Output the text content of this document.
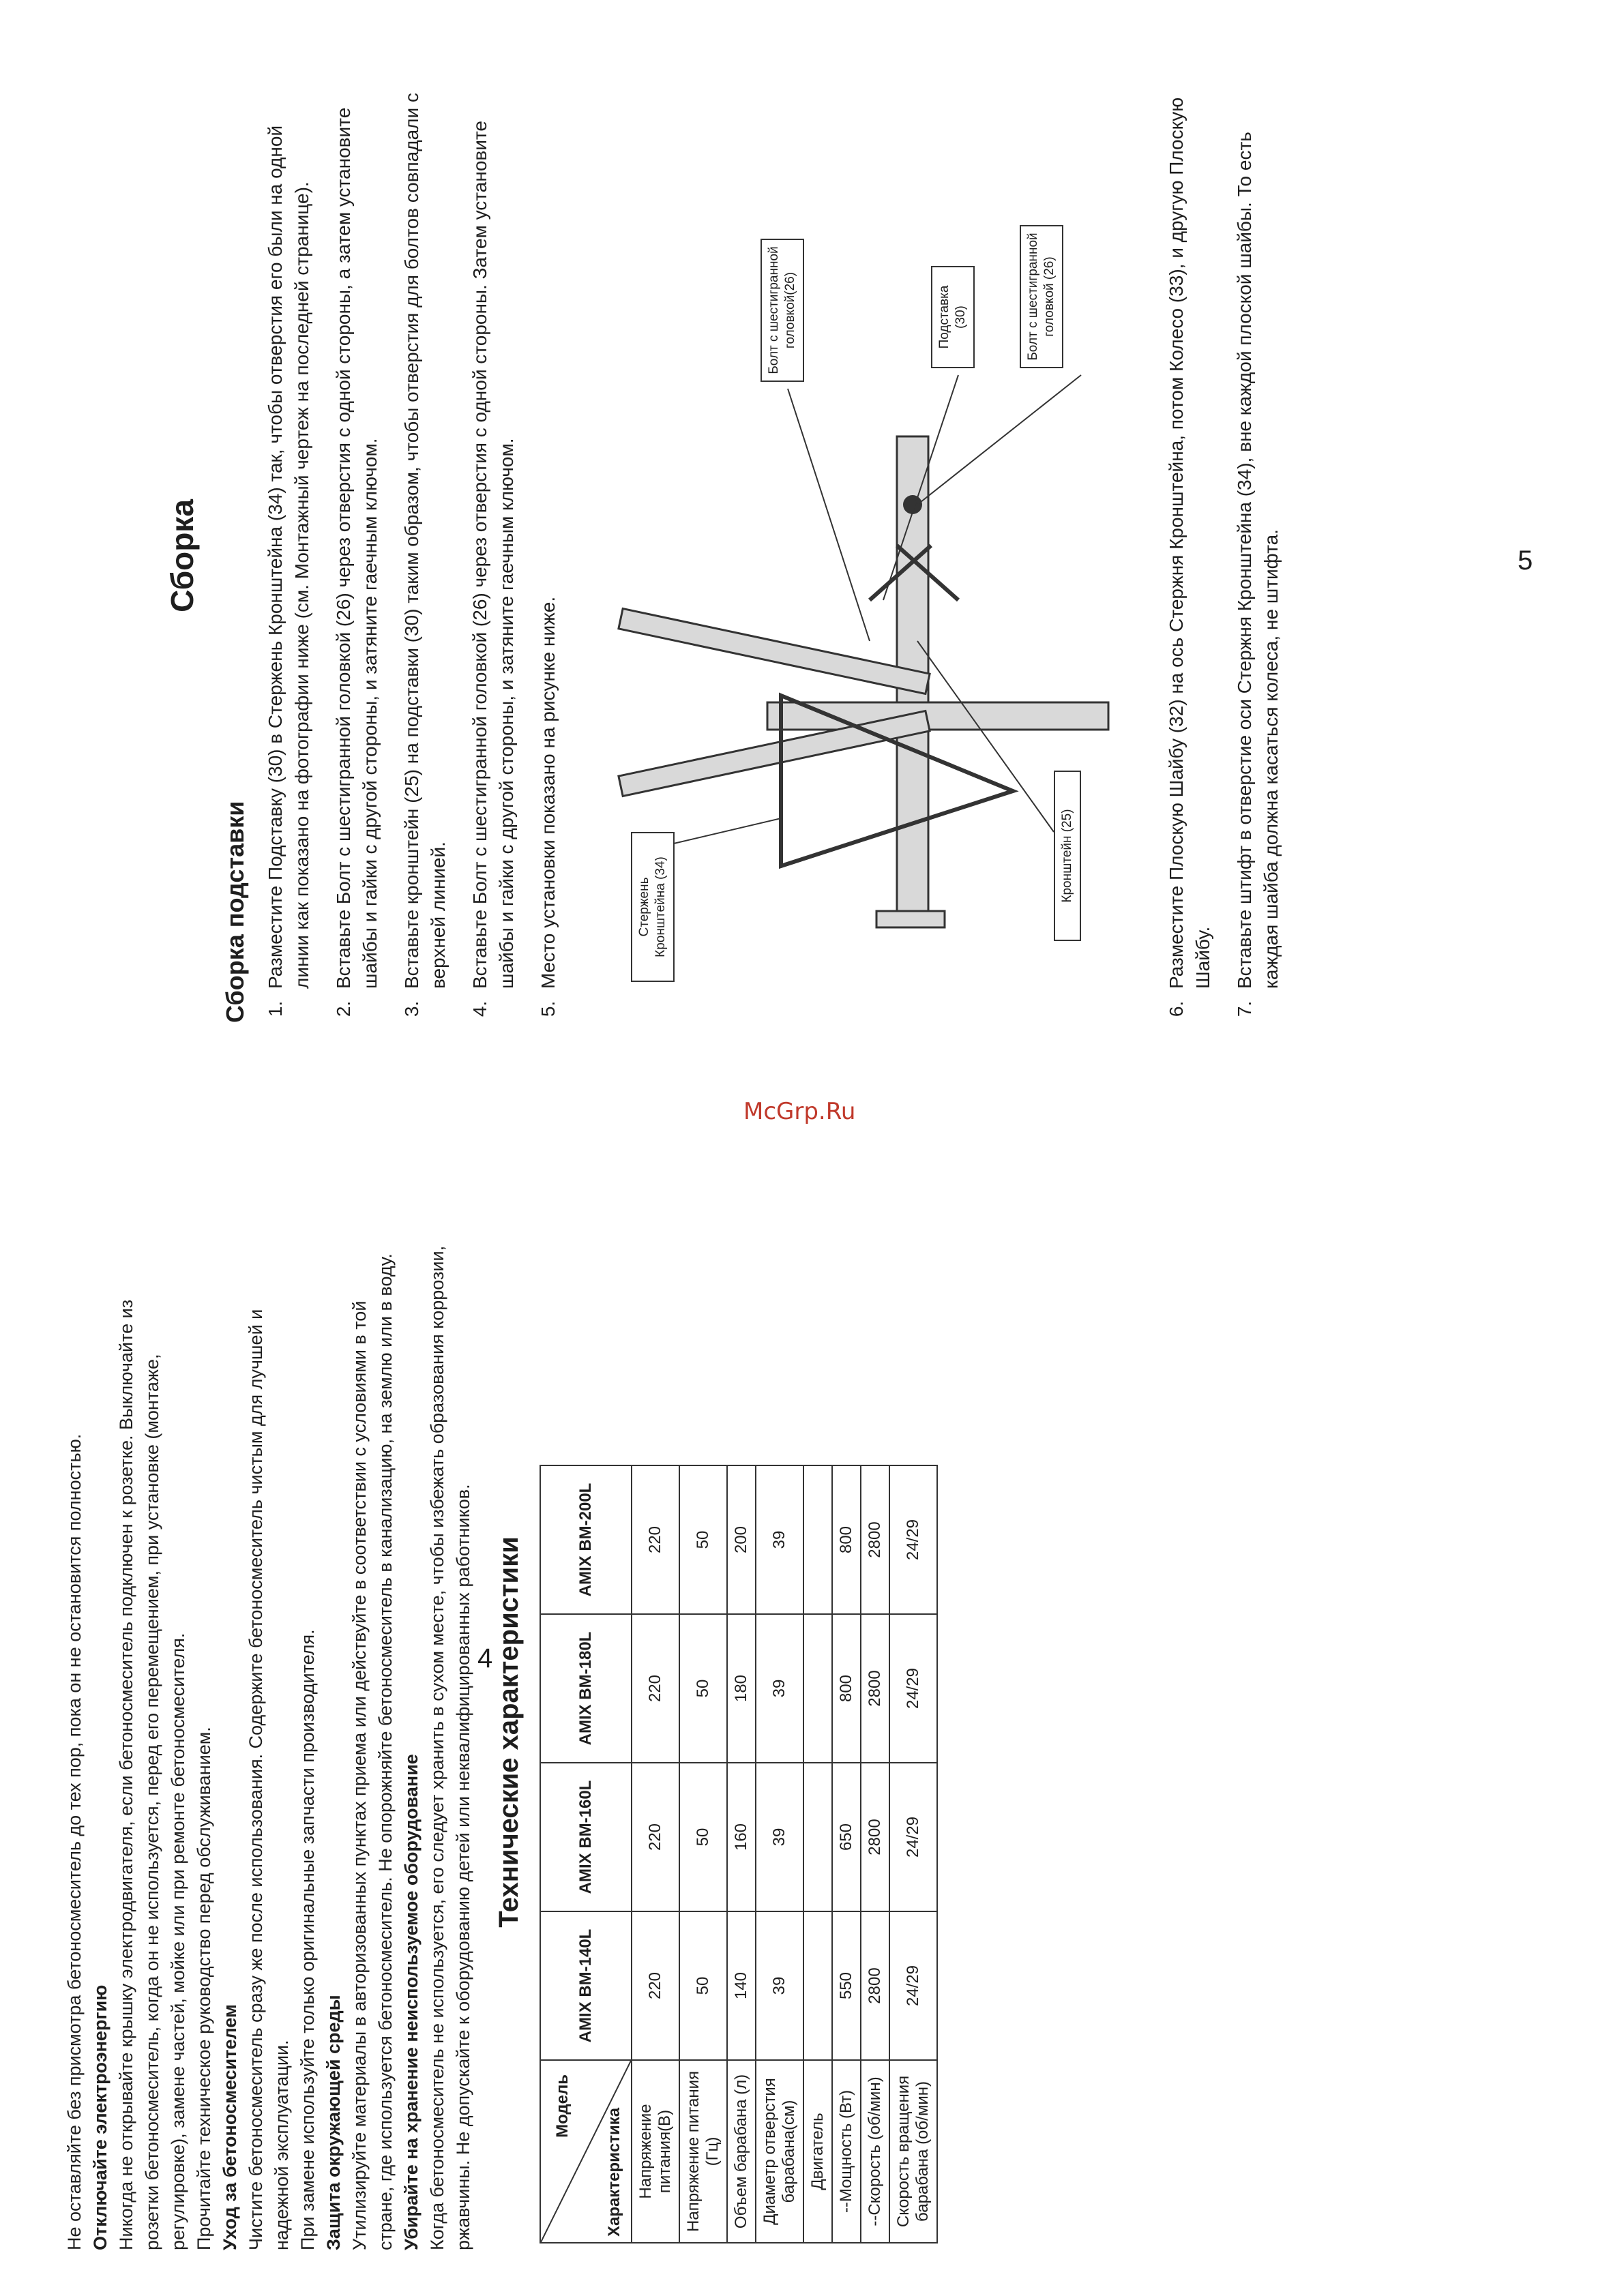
Не оставляйте без присмотра бетоносмеситель до тех пор, пока он не остановится полностью. Отключайте электроэнергию Никогда не открывайте крышку электродвигателя, если бетоносмеситель подключен к розетке. Выключайте из розетки бетоносмеситель, когда он не используется, перед его перемещением, при установке (монтаже, регулировке), замене частей, мойке или при ремонте бетоносмесителя. Прочитайте техническое руководство перед обслуживанием. Уход за бетоносмесителем Чистите бетоносмеситель сразу же после использования. Содержите бетоносмеситель чистым для лучшей и надежной эксплуатации. При замене используйте только оригинальные запчасти производителя. Защита окружающей среды Утилизируйте материалы в авторизованных пунктах приема или действуйте в соответствии с условиями в той стране, где используется бетоносмеситель. Не опорожняйте бетоносмеситель в канализацию, на землю или в воду. Убирайте на хранение неиспользуемое оборудование Когда бетоносмеситель не используется, его следует хранить в сухом месте, чтобы избежать образования коррозии, ржавчины. Не допускайте к оборудованию детей или неквалифицированных работников. Технические характеристики
Модель
Характеристика	AMIX BM-140L	AMIX BM-160L	AMIX BM-180L	AMIX BM-200L
Напряжение питания(В)	220	220	220	220
Напряжение питания (Гц)	50	50	50	50
Объем барабана (л)	140	160	180	200
Диаметр отверстия барабана(см)	39	39	39	39
Двигатель				
--Мощность (Вт)	550	650	800	800
--Скорость (об/мин)	2800	2800	2800	2800
Скорость вращения барабана (об/мин)	24/29	24/29	24/29	24/29
4
McGrp.Ru
Сборка
Сборка подставки 1. Разместите Подставку (30) в Стержень Кронштейна (34) так, чтобы отверстия его были на одной линии как показано на фотографии ниже (см. Монтажный чертеж на последней странице). 2. Вставьте Болт с шестигранной головкой (26) через отверстия с одной стороны, а затем установите шайбы и гайки с другой стороны, и затяните гаечным ключом. 3. Вставьте кронштейн (25) на подставки (30) таким образом, чтобы отверстия для болтов совпадали с верхней линией. 4. Вставьте Болт с шестигранной головкой (26) через отверстия с одной стороны. Затем установите шайбы и гайки с другой стороны, и затяните гаечным ключом. 5. Место установки показано на рисунке ниже.
Болт с шестигранной головкой (26)
Подставка (30)
Болт с шестигранной головкой(26)
Кронштейн (25)
Стержень Кронштейна (34)	6. Разместите Плоскую Шайбу (32) на ось Стержня Кронштейна, потом Колесо (33), и другую Плоскую Шайбу. 7. Вставьте штифт в отверстие оси Стержня Кронштейна (34), вне каждой плоской шайбы. То есть каждая шайба должна касаться колеса, не штифта.	5
